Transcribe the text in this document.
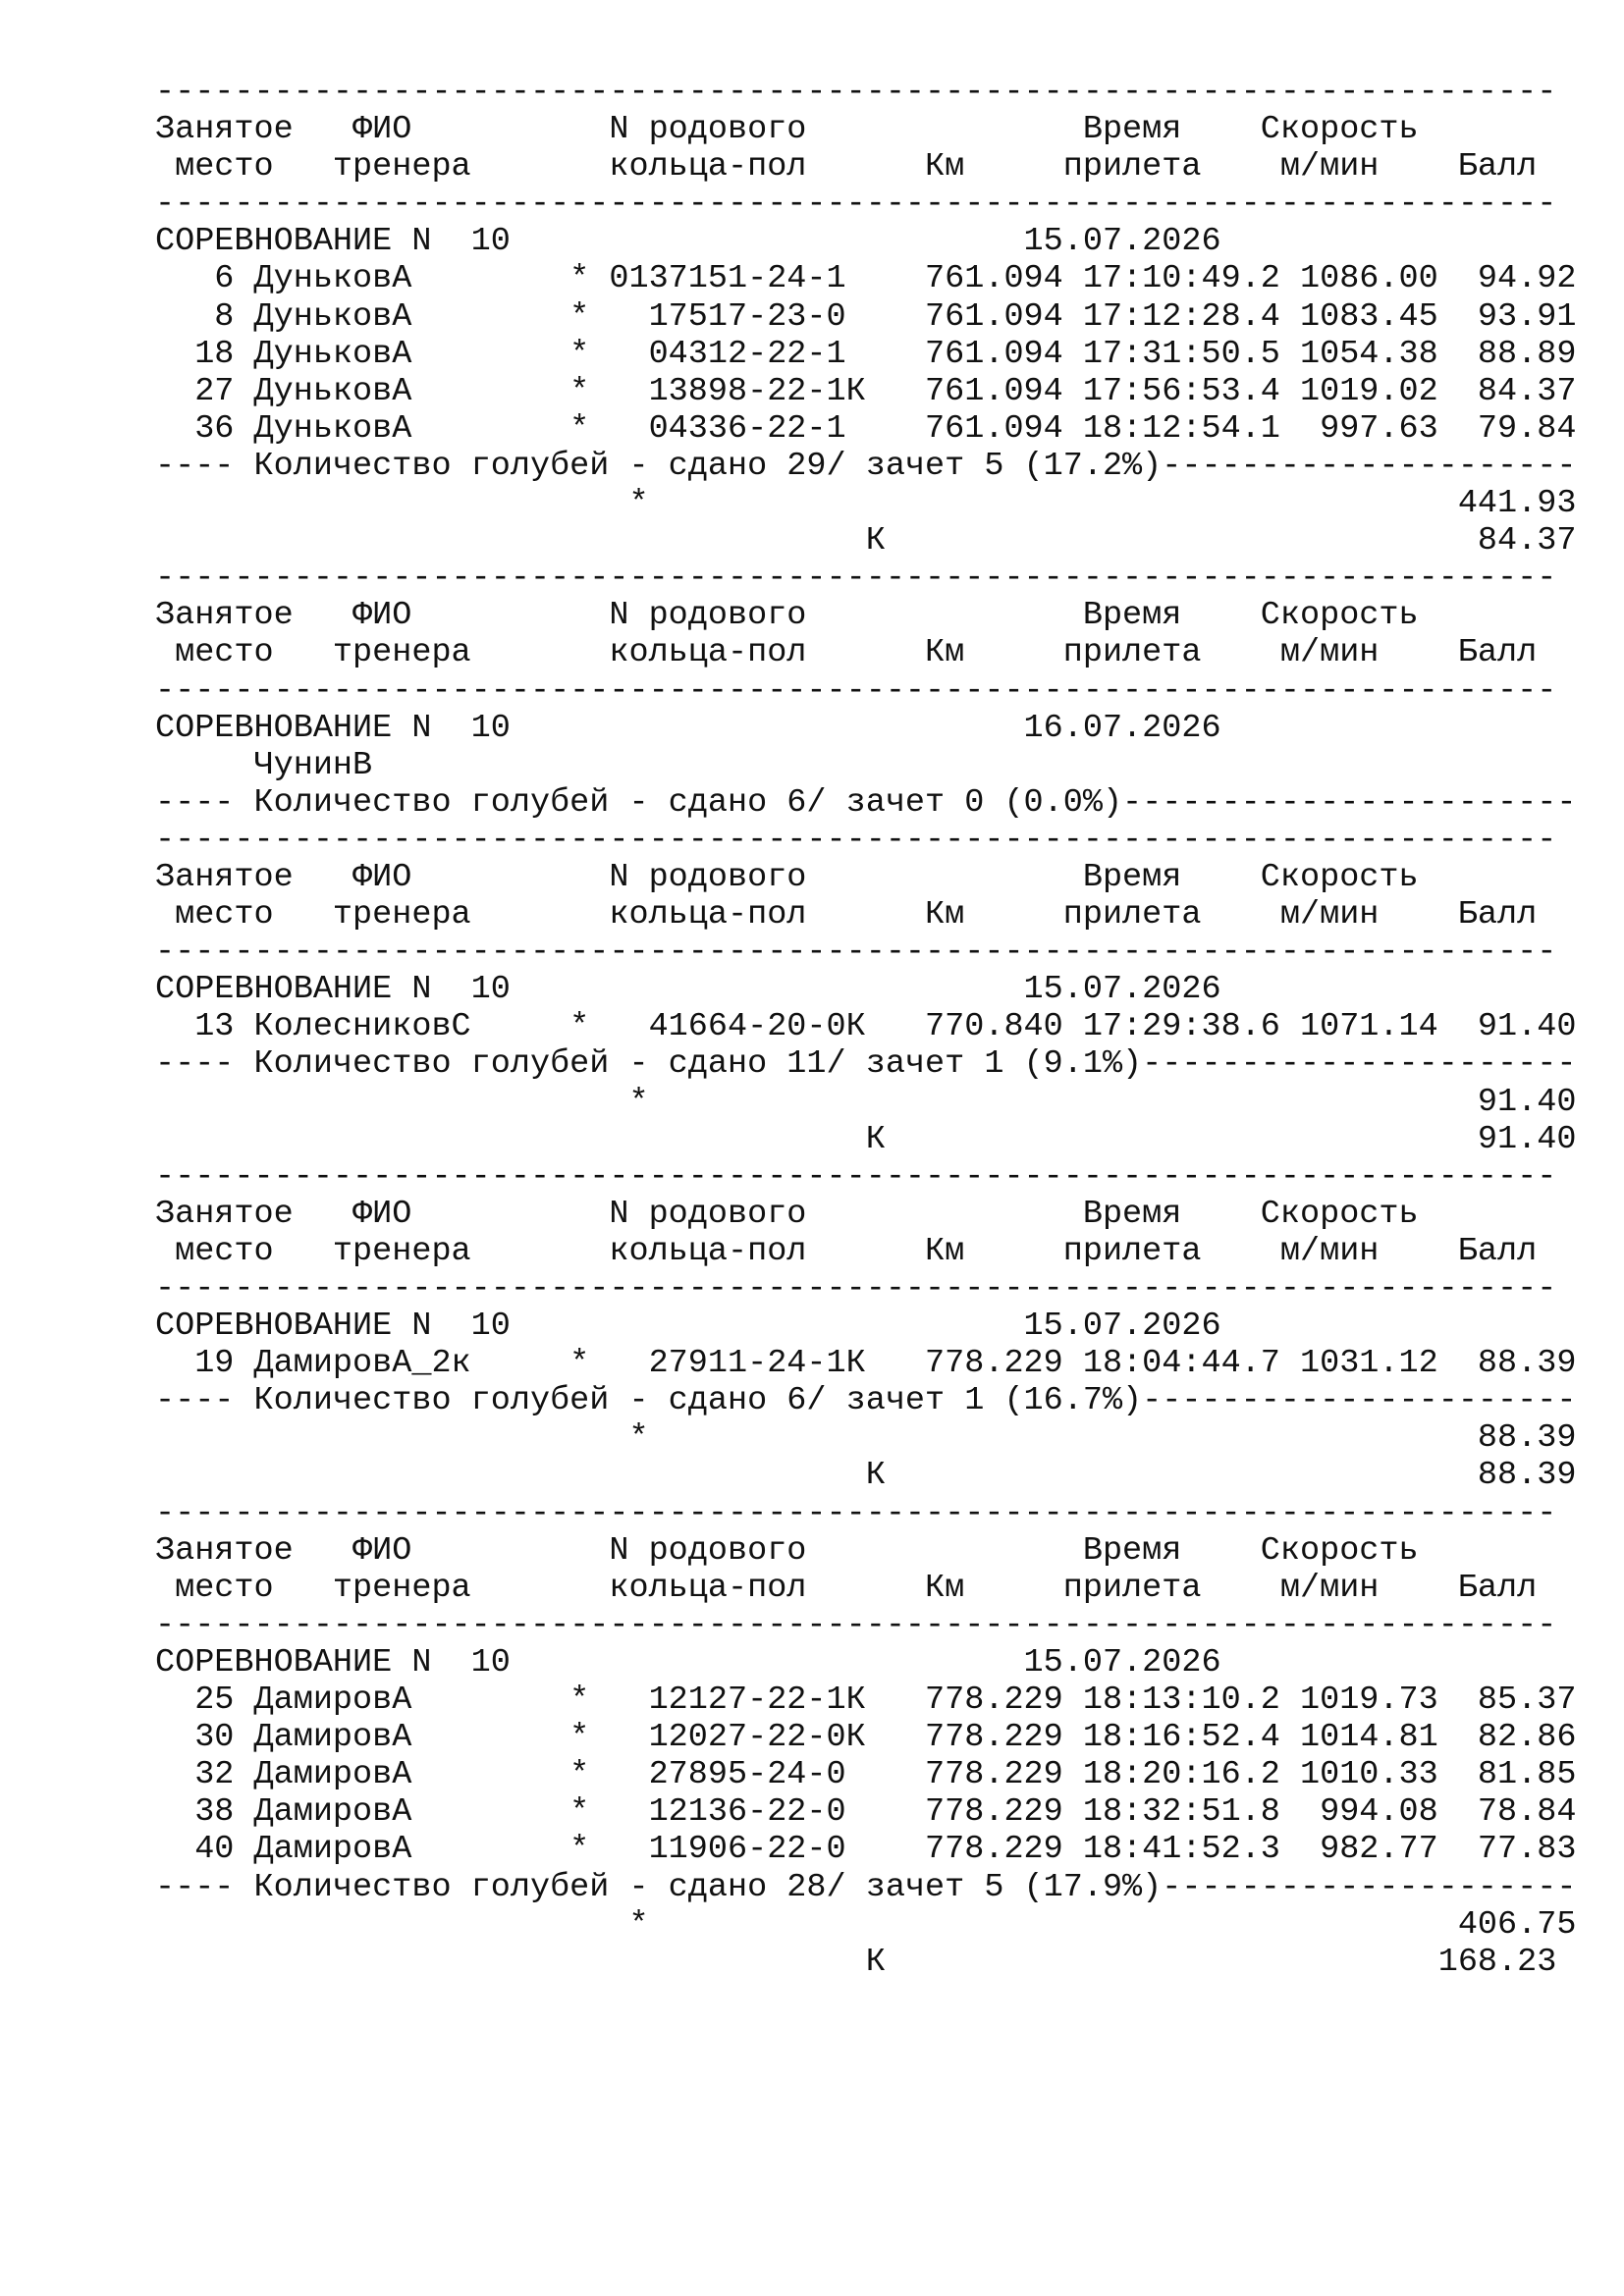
-----------------------------------------------------------------------
Занятое   ФИО          N родового              Время    Скорость
место   тренера       кольца-пол      Км     прилета    м/мин    Балл
-----------------------------------------------------------------------
СОРЕВНОВАНИЕ N  10                          15.07.2026
6 ДуньковА        * 0137151-24-1    761.094 17:10:49.2 1086.00  94.92
8 ДуньковА        *   17517-23-0    761.094 17:12:28.4 1083.45  93.91
18 ДуньковА        *   04312-22-1    761.094 17:31:50.5 1054.38  88.89
27 ДуньковА        *   13898-22-1К   761.094 17:56:53.4 1019.02  84.37
36 ДуньковА        *   04336-22-1    761.094 18:12:54.1  997.63  79.84
---- Количество голубей - сдано 29/ зачет 5 (17.2%)---------------------
*                                         441.93
К                              84.37
-----------------------------------------------------------------------
Занятое   ФИО          N родового              Время    Скорость
место   тренера       кольца-пол      Км     прилета    м/мин    Балл
-----------------------------------------------------------------------
СОРЕВНОВАНИЕ N  10                          16.07.2026
ЧунинВ
---- Количество голубей - сдано 6/ зачет 0 (0.0%)-----------------------
-----------------------------------------------------------------------
Занятое   ФИО          N родового              Время    Скорость
место   тренера       кольца-пол      Км     прилета    м/мин    Балл
-----------------------------------------------------------------------
СОРЕВНОВАНИЕ N  10                          15.07.2026
13 КолесниковС     *   41664-20-0К   770.840 17:29:38.6 1071.14  91.40
---- Количество голубей - сдано 11/ зачет 1 (9.1%)----------------------
*                                          91.40
К                              91.40
-----------------------------------------------------------------------
Занятое   ФИО          N родового              Время    Скорость
место   тренера       кольца-пол      Км     прилета    м/мин    Балл
-----------------------------------------------------------------------
СОРЕВНОВАНИЕ N  10                          15.07.2026
19 ДамировА_2к     *   27911-24-1К   778.229 18:04:44.7 1031.12  88.39
---- Количество голубей - сдано 6/ зачет 1 (16.7%)----------------------
*                                          88.39
К                              88.39
-----------------------------------------------------------------------
Занятое   ФИО          N родового              Время    Скорость
место   тренера       кольца-пол      Км     прилета    м/мин    Балл
-----------------------------------------------------------------------
СОРЕВНОВАНИЕ N  10                          15.07.2026
25 ДамировА        *   12127-22-1К   778.229 18:13:10.2 1019.73  85.37
30 ДамировА        *   12027-22-0К   778.229 18:16:52.4 1014.81  82.86
32 ДамировА        *   27895-24-0    778.229 18:20:16.2 1010.33  81.85
38 ДамировА        *   12136-22-0    778.229 18:32:51.8  994.08  78.84
40 ДамировА        *   11906-22-0    778.229 18:41:52.3  982.77  77.83
---- Количество голубей - сдано 28/ зачет 5 (17.9%)---------------------
*                                         406.75
К                            168.23
